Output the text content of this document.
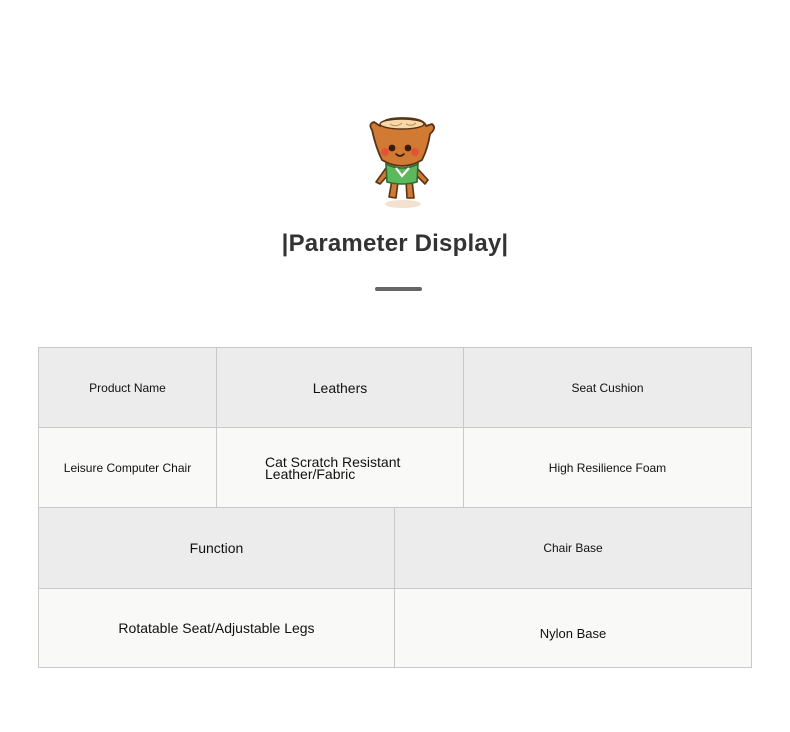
|Parameter Display|
Product Name	Leathers	Seat Cushion
Leisure Computer Chair	Cat Scratch Resistant Leather/Fabric	High Resilience Foam
Function	Chair Base
Rotatable Seat/Adjustable Legs	Nylon Base
